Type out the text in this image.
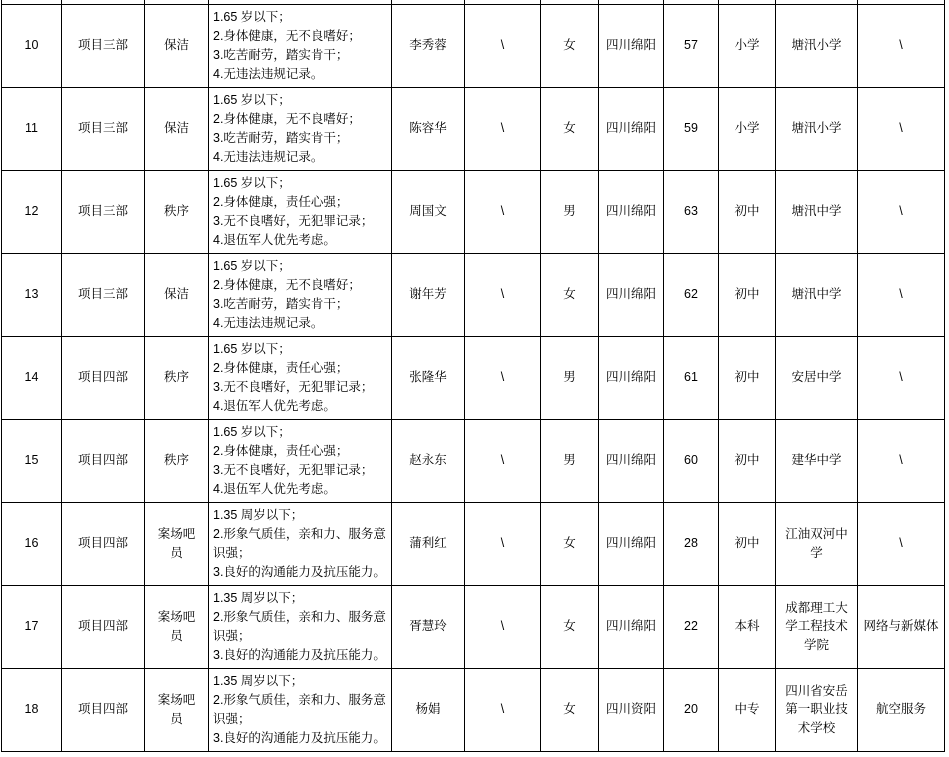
10	项目三部	保洁	1.65 岁以下；
2.身体健康，无不良嗜好；
3.吃苦耐劳，踏实肯干；
4.无违法违规记录。	李秀蓉	\	女	四川绵阳	57	小学	塘汛小学	\
11	项目三部	保洁	1.65 岁以下；
2.身体健康，无不良嗜好；
3.吃苦耐劳，踏实肯干；
4.无违法违规记录。	陈容华	\	女	四川绵阳	59	小学	塘汛小学	\
12	项目三部	秩序	1.65 岁以下；
2.身体健康，责任心强；
3.无不良嗜好，无犯罪记录；
4.退伍军人优先考虑。	周国文	\	男	四川绵阳	63	初中	塘汛中学	\
13	项目三部	保洁	1.65 岁以下；
2.身体健康，无不良嗜好；
3.吃苦耐劳，踏实肯干；
4.无违法违规记录。	谢年芳	\	女	四川绵阳	62	初中	塘汛中学	\
14	项目四部	秩序	1.65 岁以下；
2.身体健康，责任心强；
3.无不良嗜好，无犯罪记录；
4.退伍军人优先考虑。	张隆华	\	男	四川绵阳	61	初中	安居中学	\
15	项目四部	秩序	1.65 岁以下；
2.身体健康，责任心强；
3.无不良嗜好，无犯罪记录；
4.退伍军人优先考虑。	赵永东	\	男	四川绵阳	60	初中	建华中学	\
16	项目四部	案场吧员	1.35 周岁以下；
2.形象气质佳，亲和力、服务意识强；
3.良好的沟通能力及抗压能力。	蒲利红	\	女	四川绵阳	28	初中	江油双河中学	\
17	项目四部	案场吧员	1.35 周岁以下；
2.形象气质佳，亲和力、服务意识强；
3.良好的沟通能力及抗压能力。	胥慧玲	\	女	四川绵阳	22	本科	成都理工大学工程技术学院	网络与新媒体
18	项目四部	案场吧员	1.35 周岁以下；
2.形象气质佳，亲和力、服务意识强；
3.良好的沟通能力及抗压能力。	杨娟	\	女	四川资阳	20	中专	四川省安岳第一职业技术学校	航空服务
